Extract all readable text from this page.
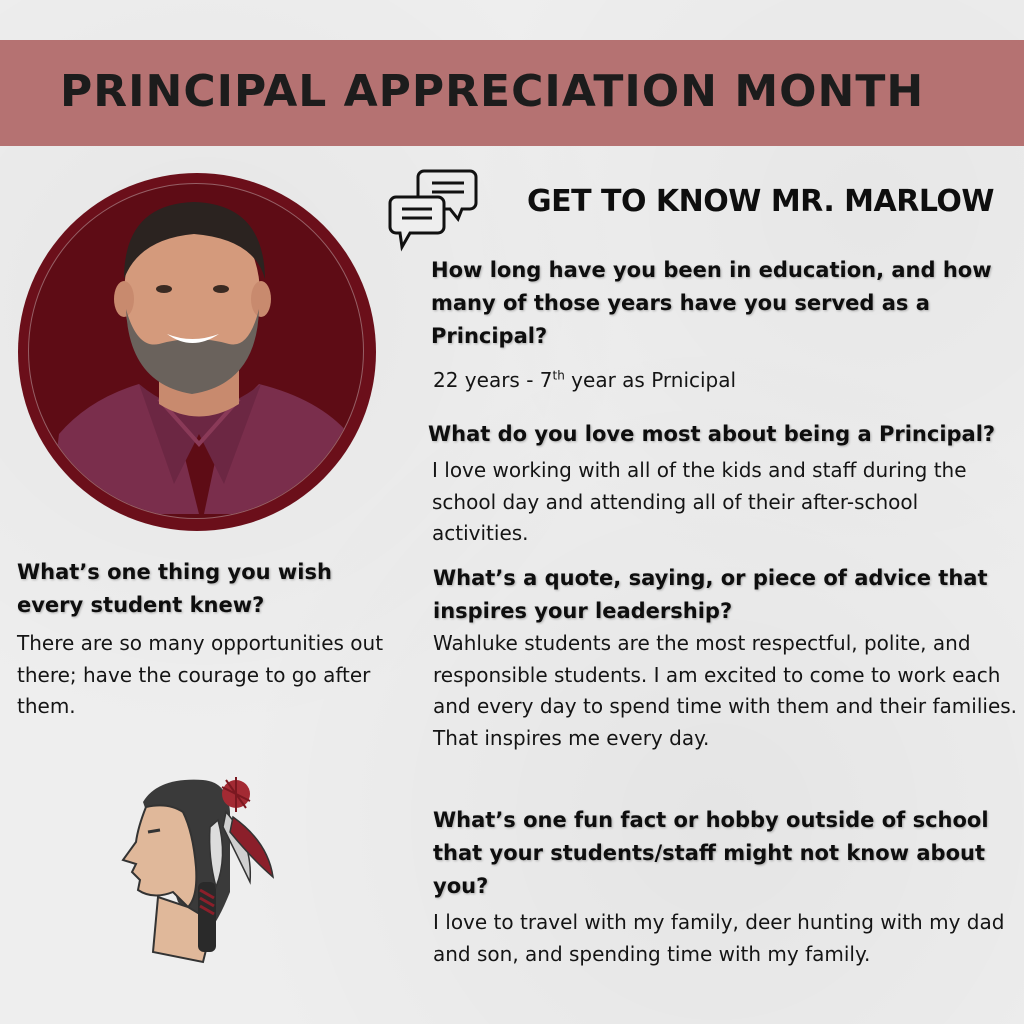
PRINCIPAL APPRECIATION MONTH
GET TO KNOW MR. MARLOW
How long have you been in education, and how many of those years have you served as a Principal?
22 years - 7th year as Prnicipal
What do you love most about being a Principal?
I love working with all of the kids and staff during the school day and attending all of their after-school activities.
What’s one thing you wish every student knew?
There are so many opportunities out there; have the courage to go after them.
What’s a quote, saying, or piece of advice that inspires your leadership?
Wahluke students are the most respectful, polite, and responsible students. I am excited to come to work each and every day to spend time with them and their families.
That inspires me every day.
What’s one fun fact or hobby outside of school that your students/staff might not know about you?
I love to travel with my family, deer hunting with my dad and son, and spending time with my family.
